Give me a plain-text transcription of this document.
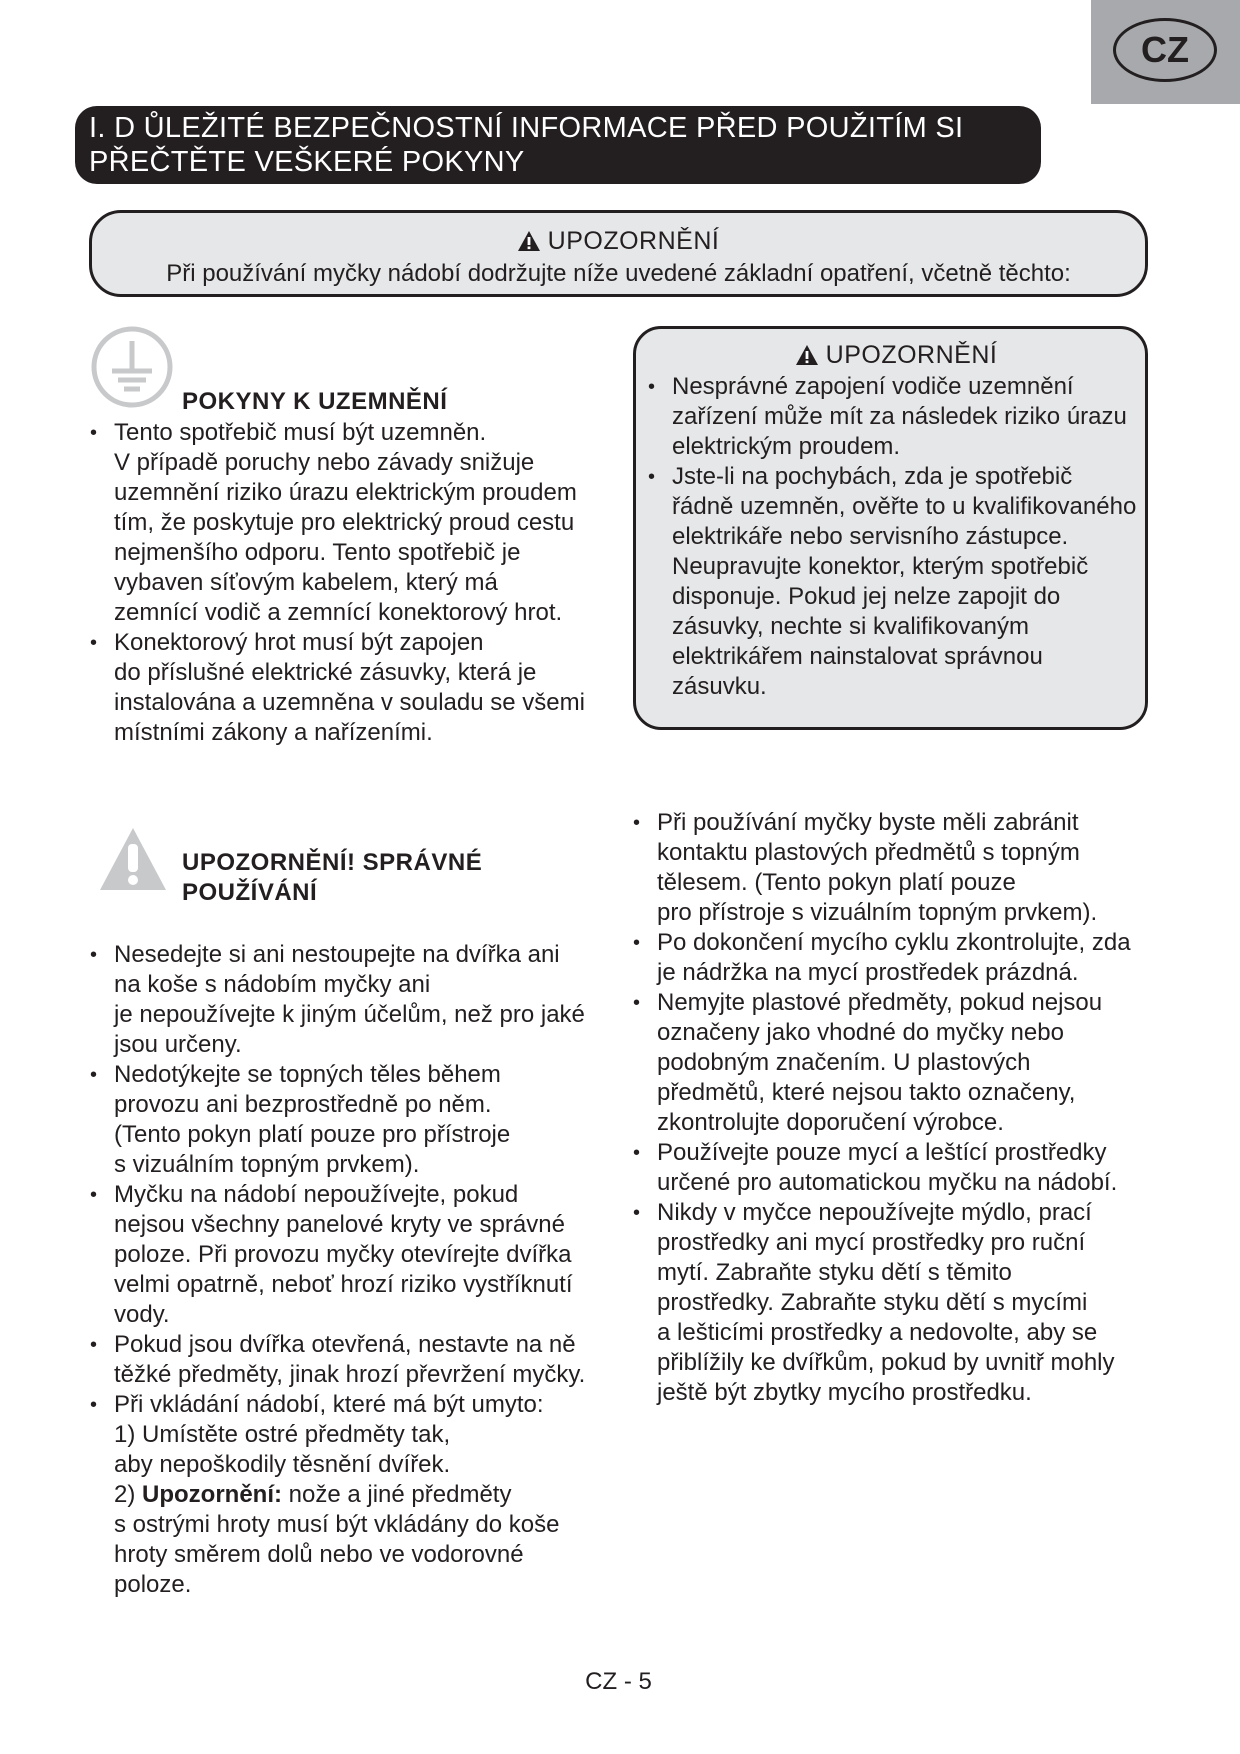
CZ
I. D ŮLEŽITÉ BEZPEČNOSTNÍ INFORMACE PŘED POUŽITÍM SI
PŘEČTĚTE VEŠKERÉ POKYNY
UPOZORNĚNÍ
Při používání myčky nádobí dodržujte níže uvedené základní opatření, včetně těchto:
POKYNY K UZEMNĚNÍ
• Tento spotřebič musí být uzemněn.
V případě poruchy nebo závady snižuje
uzemnění riziko úrazu elektrickým proudem
tím, že poskytuje pro elektrický proud cestu
nejmenšího odporu. Tento spotřebič je
vybaven síťovým kabelem, který má
zemnící vodič a zemnící konektorový hrot.
• Konektorový hrot musí být zapojen
do příslušné elektrické zásuvky, která je
instalována a uzemněna v souladu se všemi
místními zákony a nařízeními.
UPOZORNĚNÍ
• Nesprávné zapojení vodiče uzemnění
zařízení může mít za následek riziko úrazu
elektrickým proudem.
• Jste-li na pochybách, zda je spotřebič
řádně uzemněn, ověřte to u kvalifikovaného
elektrikáře nebo servisního zástupce.
Neupravujte konektor, kterým spotřebič
disponuje. Pokud jej nelze zapojit do
zásuvky, nechte si kvalifikovaným
elektrikářem nainstalovat správnou
zásuvku.
UPOZORNĚNÍ! SPRÁVNÉ
POUŽÍVÁNÍ
• Nesedejte si ani nestoupejte na dvířka ani
na koše s nádobím myčky ani
je nepoužívejte k jiným účelům, než pro jaké
jsou určeny.
• Nedotýkejte se topných těles během
provozu ani bezprostředně po něm.
(Tento pokyn platí pouze pro přístroje
s vizuálním topným prvkem).
• Myčku na nádobí nepoužívejte, pokud
nejsou všechny panelové kryty ve správné
poloze. Při provozu myčky otevírejte dvířka
velmi opatrně, neboť hrozí riziko vystříknutí
vody.
• Pokud jsou dvířka otevřená, nestavte na ně
těžké předměty, jinak hrozí převržení myčky.
• Při vkládání nádobí, které má být umyto:
1) Umístěte ostré předměty tak,
aby nepoškodily těsnění dvířek.
2) Upozornění: nože a jiné předměty
s ostrými hroty musí být vkládány do koše
hroty směrem dolů nebo ve vodorovné
poloze.
• Při používání myčky byste měli zabránit
kontaktu plastových předmětů s topným
tělesem. (Tento pokyn platí pouze
pro přístroje s vizuálním topným prvkem).
• Po dokončení mycího cyklu zkontrolujte, zda
je nádržka na mycí prostředek prázdná.
• Nemyjte plastové předměty, pokud nejsou
označeny jako vhodné do myčky nebo
podobným značením. U plastových
předmětů, které nejsou takto označeny,
zkontrolujte doporučení výrobce.
• Používejte pouze mycí a leštící prostředky
určené pro automatickou myčku na nádobí.
• Nikdy v myčce nepoužívejte mýdlo, prací
prostředky ani mycí prostředky pro ruční
mytí. Zabraňte styku dětí s těmito
prostředky. Zabraňte styku dětí s mycími
a lešticími prostředky a nedovolte, aby se
přiblížily ke dvířkům, pokud by uvnitř mohly
ještě být zbytky mycího prostředku.
CZ - 5
